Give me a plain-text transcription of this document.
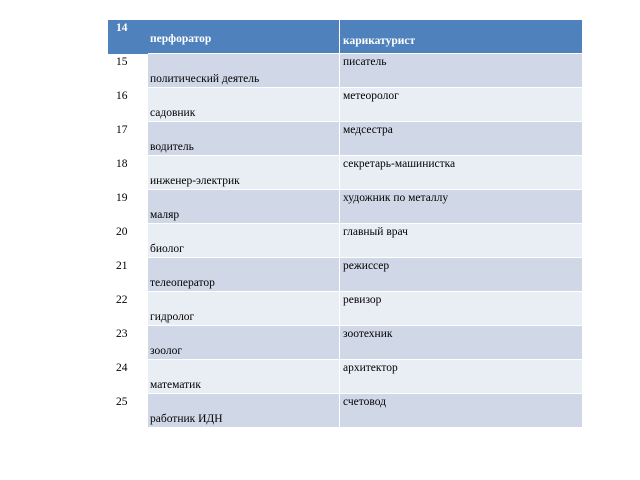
14
15
16
17
18
19
20
21
22
23
24
25
перфоратор	карикатурист
политический деятель
писатель
садовник
метеоролог
водитель
медсестра
инженер-электрик
секретарь-машинистка
маляр
художник по металлу
биолог
главный врач
телеоператор
режиссер
гидролог
ревизор
зоолог
зоотехник
математик
архитектор
работник ИДН
счетовод
